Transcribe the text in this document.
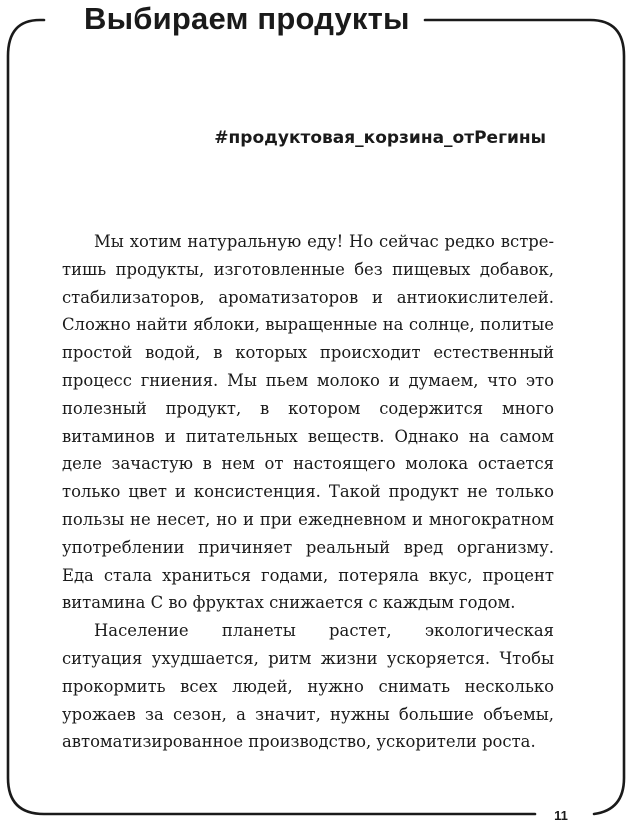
Выбираем продукты
#продуктовая_корзина_отРегины

Мы хотим натуральную еду! Но сейчас редко встретишь продукты, изготовленные без пищевых добавок, стабилизаторов, ароматизаторов и антиокислителей. Сложно найти яблоки, выращенные на солнце, политые простой водой, в которых происходит естественный процесс гниения. Мы пьем молоко и думаем, что это полезный продукт, в котором содержится много витаминов и питательных веществ. Однако на самом деле зачастую в нем от настоящего молока остается только цвет и консистенция. Такой продукт не только пользы не несет, но и при ежедневном и многократном употреблении причиняет реальный вред организму. Еда стала храниться годами, потеряла вкус, процент витамина С во фруктах снижается с каждым годом.

Население планеты растет, экологическая ситуация ухудшается, ритм жизни ускоряется. Чтобы прокормить всех людей, нужно снимать несколько урожаев за сезон, а значит, нужны большие объемы, автоматизированное производство, ускорители роста.

11
